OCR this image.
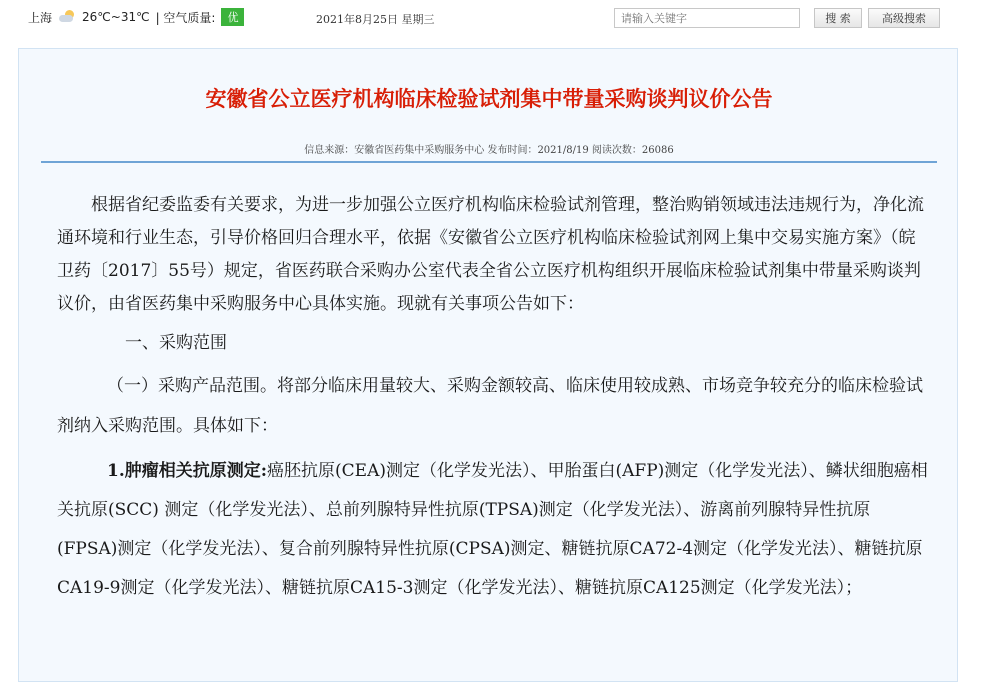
上海	26℃~31℃ | 空气质量:	优	2021年8月25日 星期三
请输入关键字	搜 索	高级搜索
安徽省公立医疗机构临床检验试剂集中带量采购谈判议价公告
信息来源：安徽省医药集中采购服务中心 发布时间：2021/8/19 阅读次数：26086

根据省纪委监委有关要求，为进一步加强公立医疗机构临床检验试剂管理，整治购销领域违法违规行为，净化流通环境和行业生态，引导价格回归合理水平，依据《安徽省公立医疗机构临床检验试剂网上集中交易实施方案》（皖卫药〔2017〕55号）规定，省医药联合采购办公室代表全省公立医疗机构组织开展临床检验试剂集中带量采购谈判议价，由省医药集中采购服务中心具体实施。现就有关事项公告如下：

一、采购范围

（一）采购产品范围。将部分临床用量较大、采购金额较高、临床使用较成熟、市场竞争较充分的临床检验试剂纳入采购范围。具体如下：

1.肿瘤相关抗原测定:癌胚抗原(CEA)测定（化学发光法）、甲胎蛋白(AFP)测定（化学发光法）、鳞状细胞癌相关抗原(SCC) 测定（化学发光法）、总前列腺特异性抗原(TPSA)测定（化学发光法）、游离前列腺特异性抗原(FPSA)测定（化学发光法）、复合前列腺特异性抗原(CPSA)测定、糖链抗原CA72-4测定（化学发光法）、糖链抗原CA19-9测定（化学发光法）、糖链抗原CA15-3测定（化学发光法）、糖链抗原CA125测定（化学发光法）；
